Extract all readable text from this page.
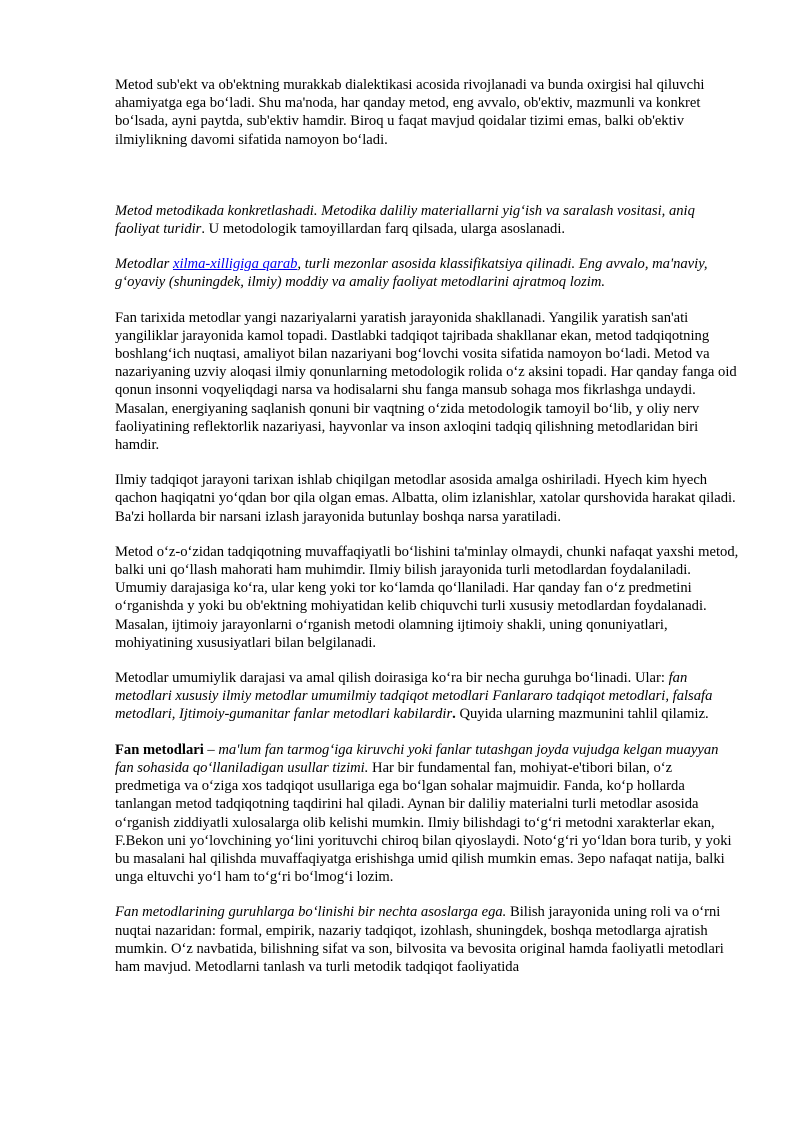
Metod sub'ekt va ob'ektning murakkab dialektikasi acosida rivojlanadi va bunda oxirgisi hal qiluvchi ahamiyatga ega bo‘ladi. Shu ma'noda, har qanday metod, eng avvalo, ob'ektiv, mazmunli va konkret bo‘lsada, ayni paytda, sub'ektiv hamdir. Biroq u faqat mavjud qoidalar tizimi emas, balki ob'ektiv ilmiylikning davomi sifatida namoyon bo‘ladi.

Metod metodikada konkretlashadi. Metodika daliliy materiallarni yig‘ish va saralash vositasi, aniq faoliyat turidir. U metodologik tamoyillardan farq qilsada, ularga asoslanadi.

Metodlar xilma-xilligiga qarab, turli mezonlar asosida klassifikatsiya qilinadi. Eng avvalo, ma'naviy, g‘oyaviy (shuningdek, ilmiy) moddiy va amaliy faoliyat metodlarini ajratmoq lozim.

Fan tarixida metodlar yangi nazariyalarni yaratish jarayonida shakllanadi. Yangilik yaratish san'ati yangiliklar jarayonida kamol topadi. Dastlabki tadqiqot tajribada shakllanar ekan, metod tadqiqotning boshlang‘ich nuqtasi, amaliyot bilan nazariyani bog‘lovchi vosita sifatida namoyon bo‘ladi. Metod va nazariyaning uzviy aloqasi ilmiy qonunlarning metodologik rolida o‘z aksini topadi. Har qanday fanga oid qonun insonni voqyeliqdagi narsa va hodisalarni shu fanga mansub sohaga mos fikrlashga undaydi. Masalan, energiyaning saqlanish qonuni bir vaqtning o‘zida metodologik tamoyil bo‘lib, y oliy nerv faoliyatining reflektorlik nazariyasi, hayvonlar va inson axloqini tadqiq qilishning metodlaridan biri hamdir.

Ilmiy tadqiqot jarayoni tarixan ishlab chiqilgan metodlar asosida amalga oshiriladi. Hyech kim hyech qachon haqiqatni yo‘qdan bor qila olgan emas. Albatta, olim izlanishlar, xatolar qurshovida harakat qiladi. Ba'zi hollarda bir narsani izlash jarayonida butunlay boshqa narsa yaratiladi.

Metod o‘z-o‘zidan tadqiqotning muvaffaqiyatli bo‘lishini ta'minlay olmaydi, chunki nafaqat yaxshi metod, balki uni qo‘llash mahorati ham muhimdir. Ilmiy bilish jarayonida turli metodlardan foydalaniladi. Umumiy darajasiga ko‘ra, ular keng yoki tor ko‘lamda qo‘llaniladi. Har qanday fan o‘z predmetini o‘rganishda y yoki bu ob'ektning mohiyatidan kelib chiquvchi turli xususiy metodlardan foydalanadi. Masalan, ijtimoiy jarayonlarni o‘rganish metodi olamning ijtimoiy shakli, uning qonuniyatlari, mohiyatining xususiyatlari bilan belgilanadi.

Metodlar umumiylik darajasi va amal qilish doirasiga ko‘ra bir necha guruhga bo‘linadi. Ular: fan metodlari xususiy ilmiy metodlar umumilmiy tadqiqot metodlari Fanlararo tadqiqot metodlari, falsafa metodlari, Ijtimoiy-gumanitar fanlar metodlari kabilardir. Quyida ularning mazmunini tahlil qilamiz.

Fan metodlari – ma'lum fan tarmog‘iga kiruvchi yoki fanlar tutashgan joyda vujudga kelgan muayyan fan sohasida qo‘llaniladigan usullar tizimi. Har bir fundamental fan, mohiyat-e'tibori bilan, o‘z predmetiga va o‘ziga xos tadqiqot usullariga ega bo‘lgan sohalar majmuidir. Fanda, ko‘p hollarda tanlangan metod tadqiqotning taqdirini hal qiladi. Aynan bir daliliy materialni turli metodlar asosida o‘rganish ziddiyatli xulosalarga olib kelishi mumkin. Ilmiy bilishdagi to‘g‘ri metodni xarakterlar ekan, F.Bekon uni yo‘lovchining yo‘lini yorituvchi chiroq bilan qiyoslaydi. Noto‘g‘ri yo‘ldan bora turib, y yoki bu masalani hal qilishda muvaffaqiyatga erishishga umid qilish mumkin emas. Зepo nafaqat natija, balki unga eltuvchi yo‘l ham to‘g‘ri bo‘lmog‘i lozim.

Fan metodlarining guruhlarga bo‘linishi bir nechta asoslarga ega. Bilish jarayonida uning roli va o‘rni nuqtai nazaridan: formal, empirik, nazariy tadqiqot, izohlash, shuningdek, boshqa metodlarga ajratish mumkin. O‘z navbatida, bilishning sifat va son, bilvosita va bevosita original hamda faoliyatli metodlari ham mavjud. Metodlarni tanlash va turli metodik tadqiqot faoliyatida
